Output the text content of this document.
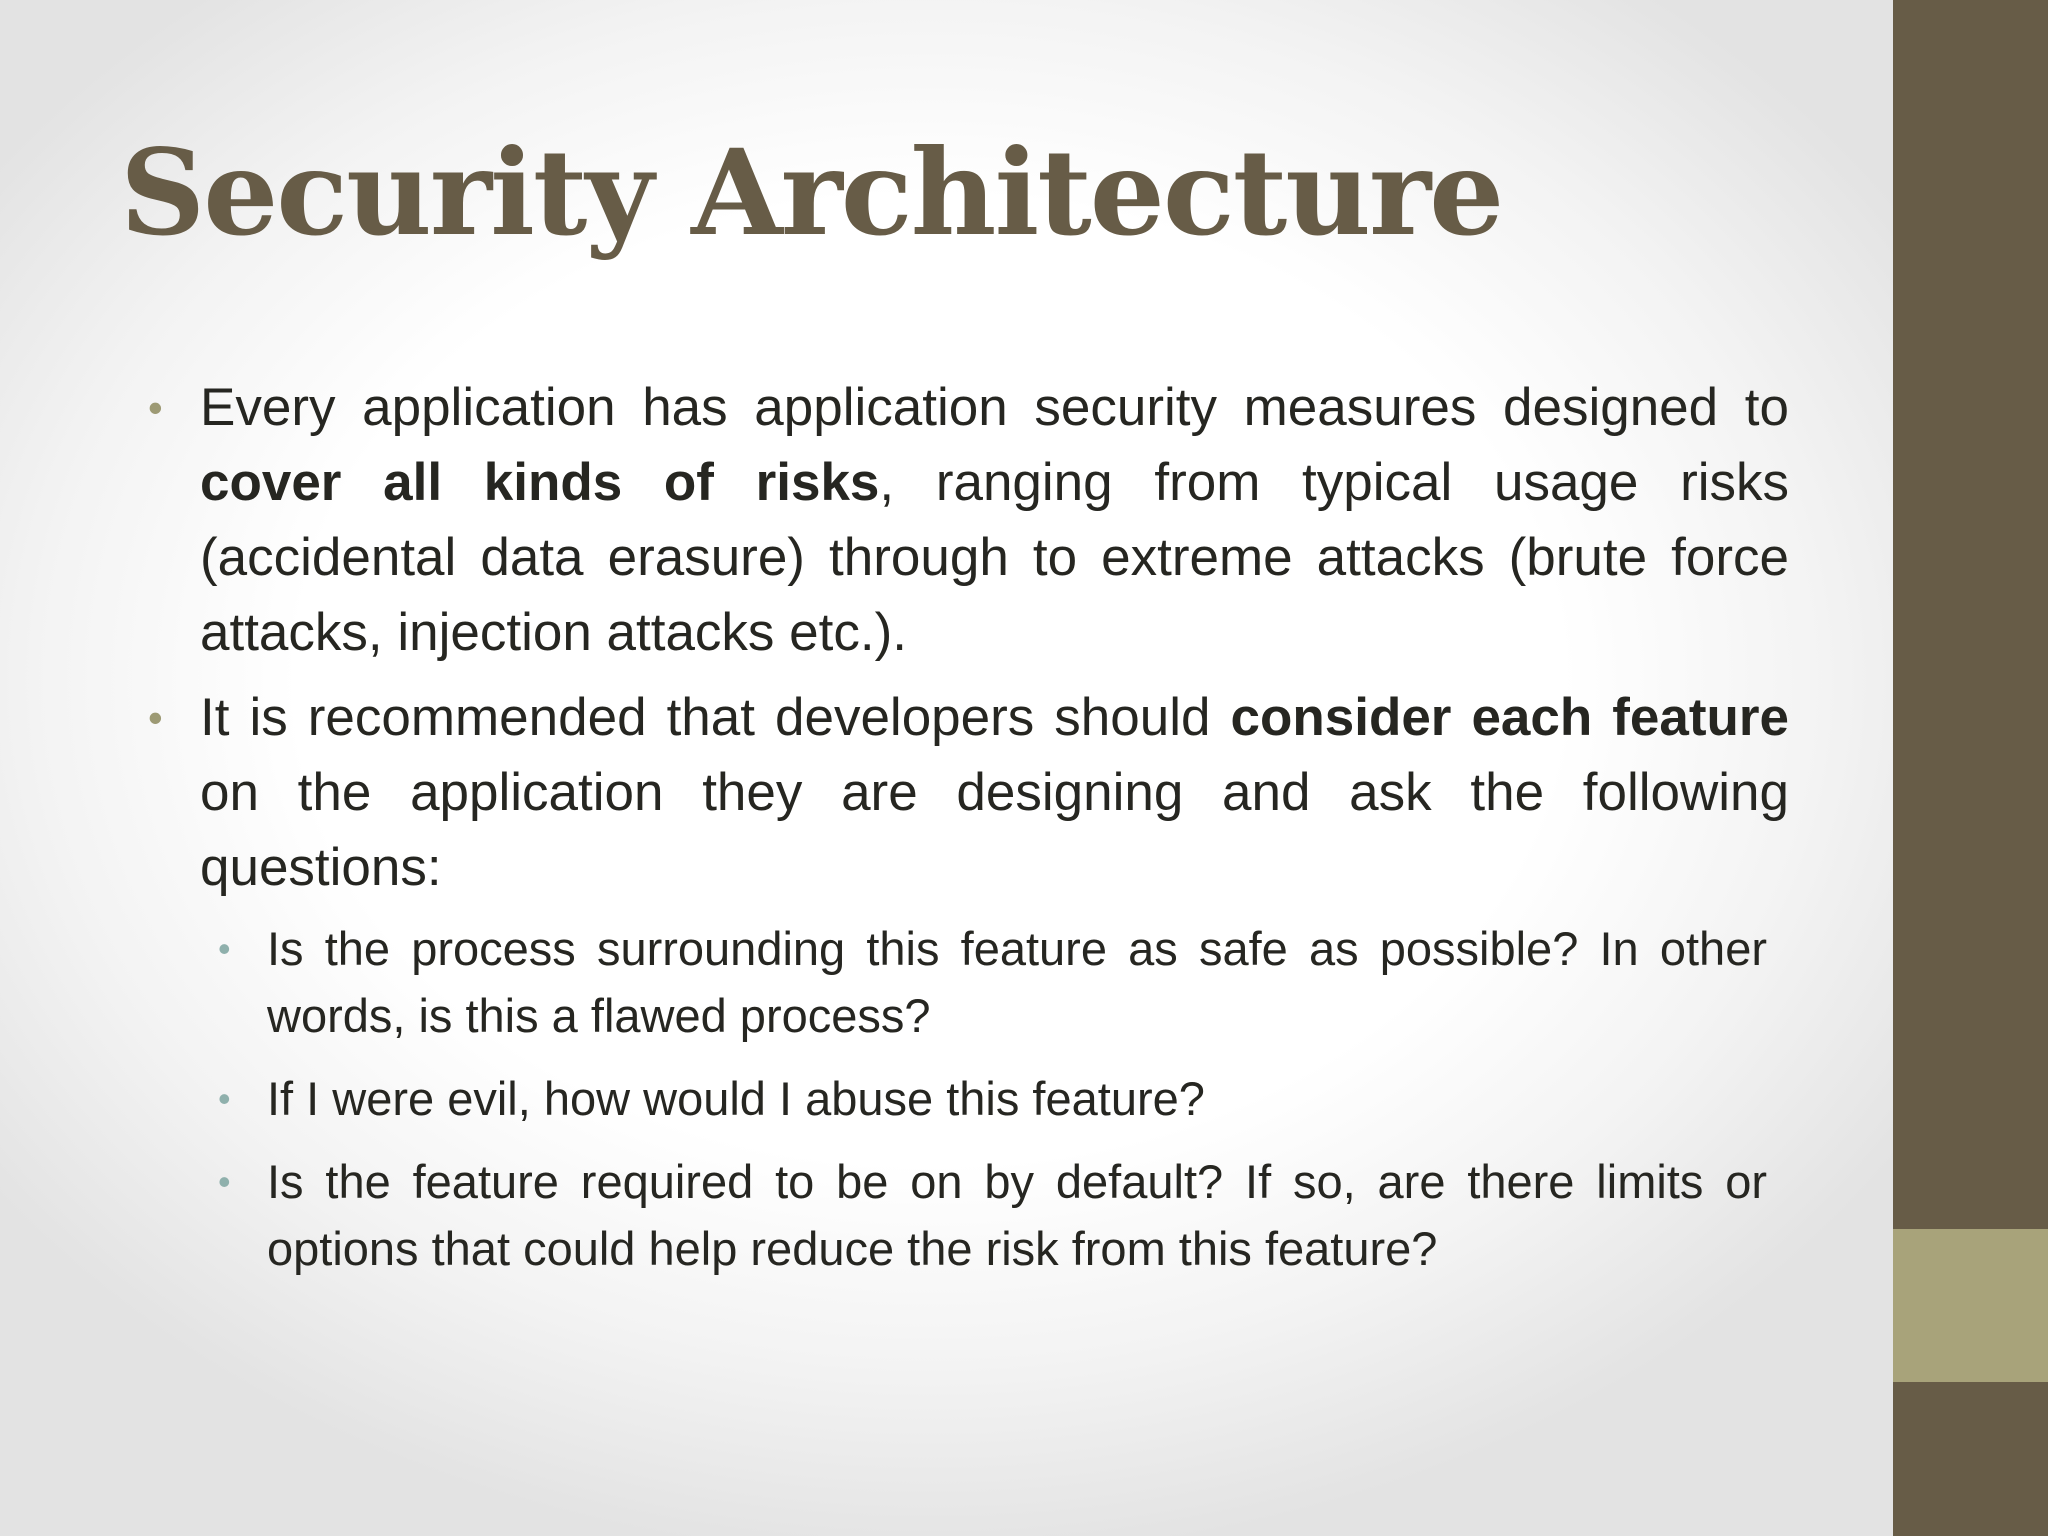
Security Architecture

• Every application has application security measures designed to cover all kinds of risks, ranging from typical usage risks (accidental data erasure) through to extreme attacks (brute force attacks, injection attacks etc.).

• It is recommended that developers should consider each feature on the application they are designing and ask the following questions:

• Is the process surrounding this feature as safe as possible? In other words, is this a flawed process?

• If I were evil, how would I abuse this feature?

• Is the feature required to be on by default? If so, are there limits or options that could help reduce the risk from this feature?
